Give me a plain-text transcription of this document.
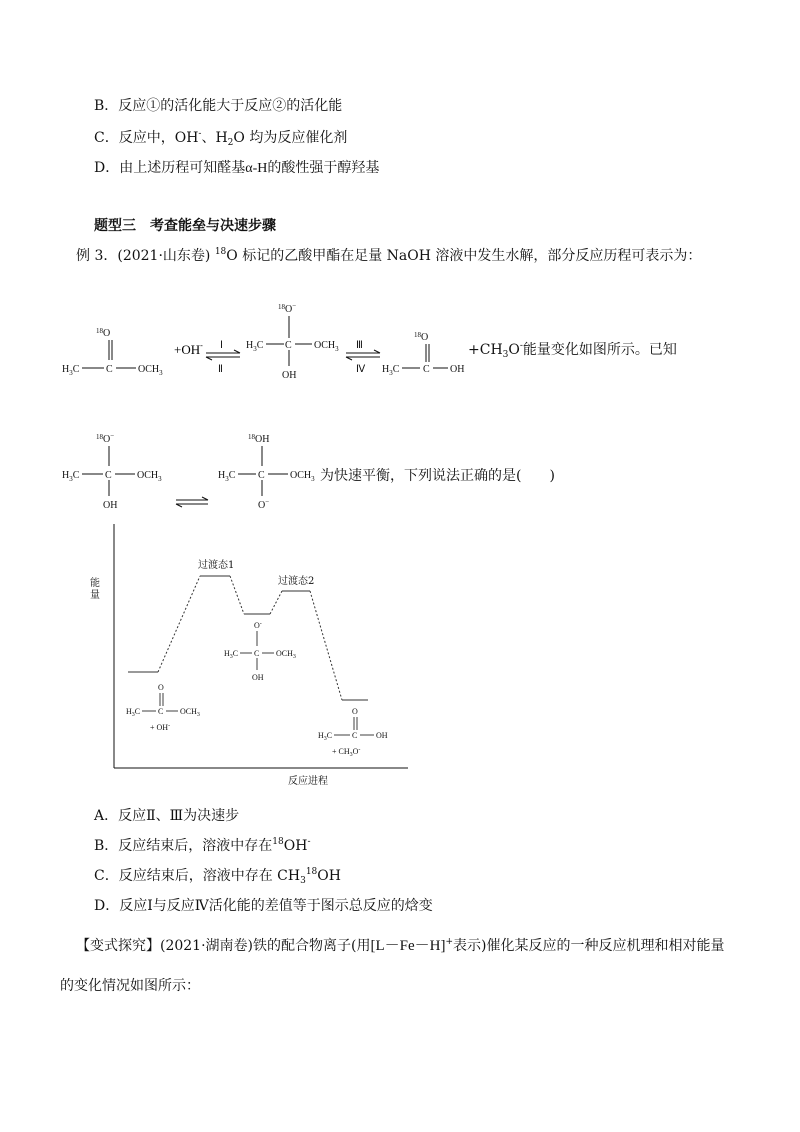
B．反应①的活化能大于反应②的活化能
C．反应中，OH-、$H_2O$ 均为反应催化剂
D．由上述历程可知醛基α-H的酸性强于醇羟基
题型三　考查能垒与决速步骤
例 3．(2021·山东卷) $^{18}$O 标记的乙酸甲酯在足量 NaOH 溶液中发生水解，部分反应历程可表示为：
$^{18}$O
$H_3C$	C	$OCH_3$
+OH- Ⅰ
Ⅱ
$^{18}$O−
$H_3C$ C $OCH_3$
OH
Ⅲ
Ⅳ
$^{18}$O
$H_3C$ C OH
$+CH_3O^-$能量变化如图所示。已知
$^{18}$O−
$H_3C$	C	$OCH_3$
OH
$^{18}$OH
$H_3C$ C	$OCH_3$
O−
为快速平衡，下列说法正确的是(　　)
能
量
反应进程
过渡态1
过渡态2
O-
$H_3C$ C $OCH_3$
OH
O
$H_3C$ C $OCH_3$
+ OH-
O
$H_3C$ C OH
+ $CH_3O^-$
A．反应Ⅱ、Ⅲ为决速步
B．反应结束后，溶液中存在$^{18}$OH-
C．反应结束后，溶液中存在 $CH_3^{18}OH$
D．反应Ⅰ与反应Ⅳ活化能的差值等于图示总反应的焓变
【变式探究】(2021·湖南卷)铁的配合物离子(用[L－Fe－H]+表示)催化某反应的一种反应机理和相对能量
的变化情况如图所示：
